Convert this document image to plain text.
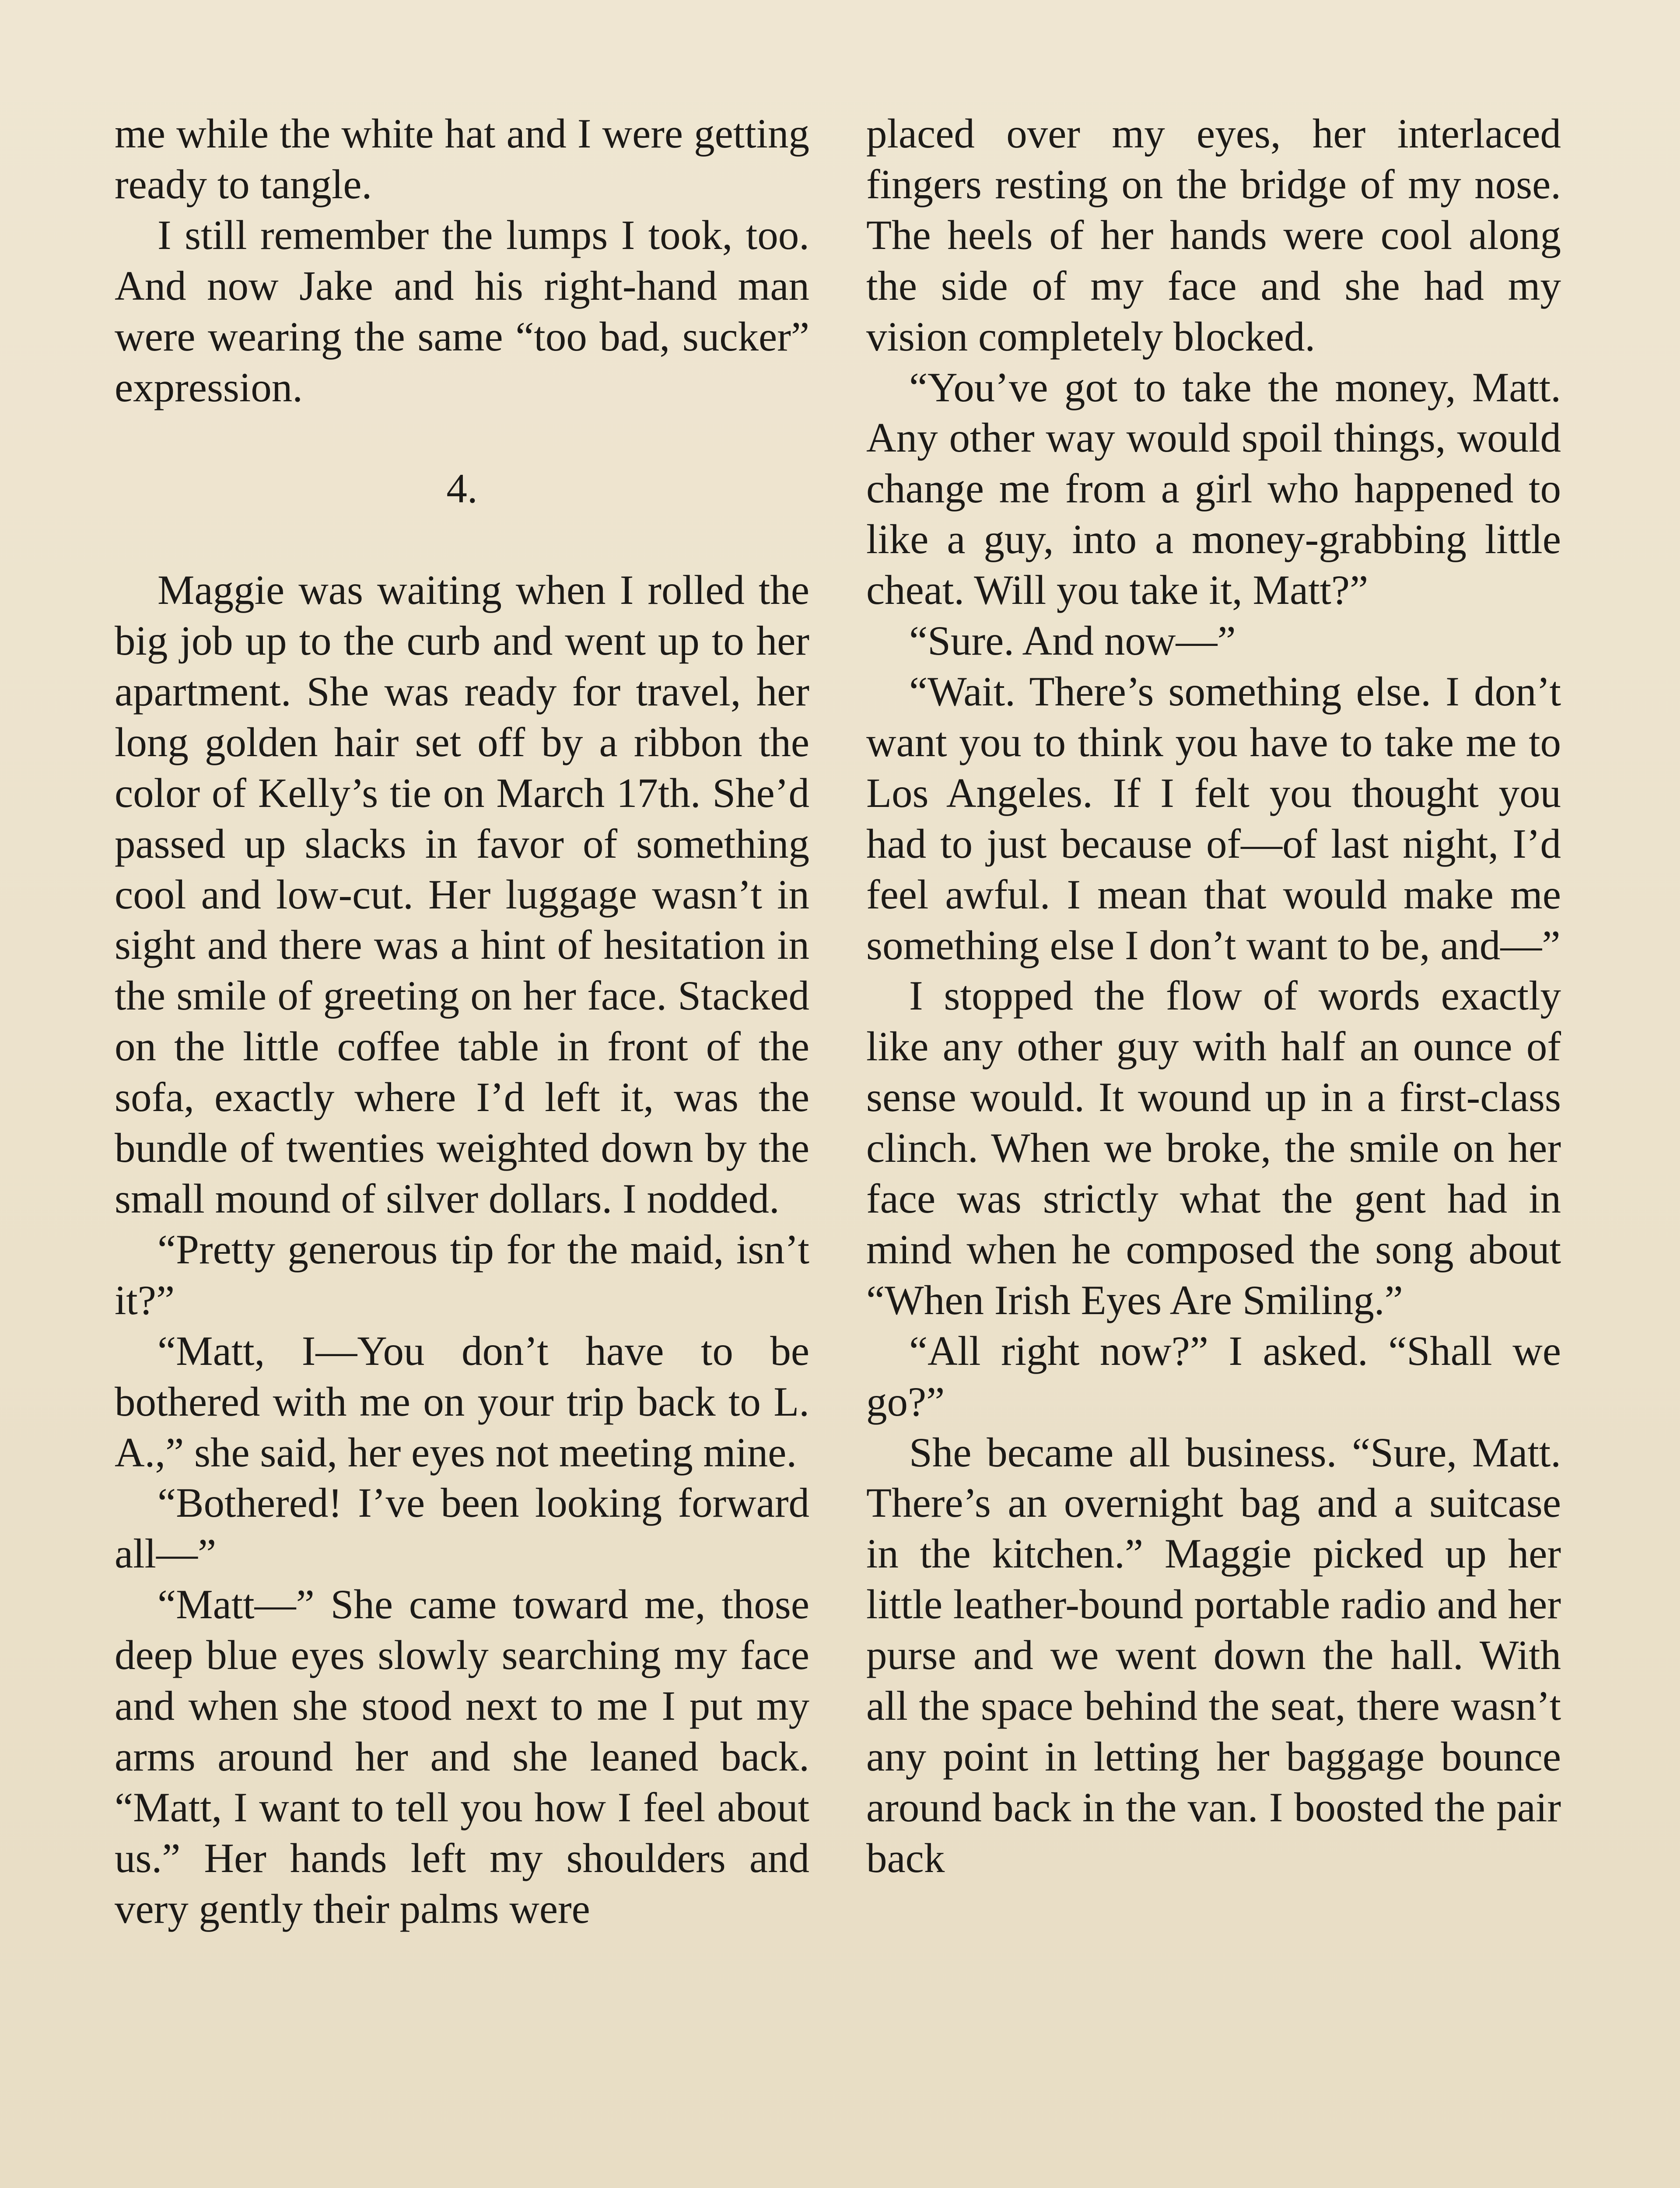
me while the white hat and I were getting ready to tangle.

I still remember the lumps I took, too. And now Jake and his right-hand man were wearing the same “too bad, sucker” expression.

4.

Maggie was waiting when I rolled the big job up to the curb and went up to her apartment. She was ready for travel, her long golden hair set off by a ribbon the color of Kelly’s tie on March 17th. She’d passed up slacks in favor of something cool and low-cut. Her luggage wasn’t in sight and there was a hint of hesitation in the smile of greeting on her face. Stacked on the little coffee table in front of the sofa, exactly where I’d left it, was the bundle of twenties weighted down by the small mound of silver dollars. I nodded.

“Pretty generous tip for the maid, isn’t it?”

“Matt, I—You don’t have to be bothered with me on your trip back to L. A.,” she said, her eyes not meeting mine.

“Bothered! I’ve been looking forward all—”

“Matt—” She came toward me, those deep blue eyes slowly searching my face and when she stood next to me I put my arms around her and she leaned back. “Matt, I want to tell you how I feel about us.” Her hands left my shoulders and very gently their palms were

placed over my eyes, her interlaced fingers resting on the bridge of my nose. The heels of her hands were cool along the side of my face and she had my vision completely blocked.

“You’ve got to take the money, Matt. Any other way would spoil things, would change me from a girl who happened to like a guy, into a money-grabbing little cheat. Will you take it, Matt?”

“Sure. And now—”

“Wait. There’s something else. I don’t want you to think you have to take me to Los Angeles. If I felt you thought you had to just because of—of last night, I’d feel awful. I mean that would make me something else I don’t want to be, and—”

I stopped the flow of words exactly like any other guy with half an ounce of sense would. It wound up in a first-class clinch. When we broke, the smile on her face was strictly what the gent had in mind when he composed the song about “When Irish Eyes Are Smiling.”

“All right now?” I asked. “Shall we go?”

She became all business. “Sure, Matt. There’s an overnight bag and a suitcase in the kitchen.” Maggie picked up her little leather-bound portable radio and her purse and we went down the hall. With all the space behind the seat, there wasn’t any point in letting her baggage bounce around back in the van. I boosted the pair back
